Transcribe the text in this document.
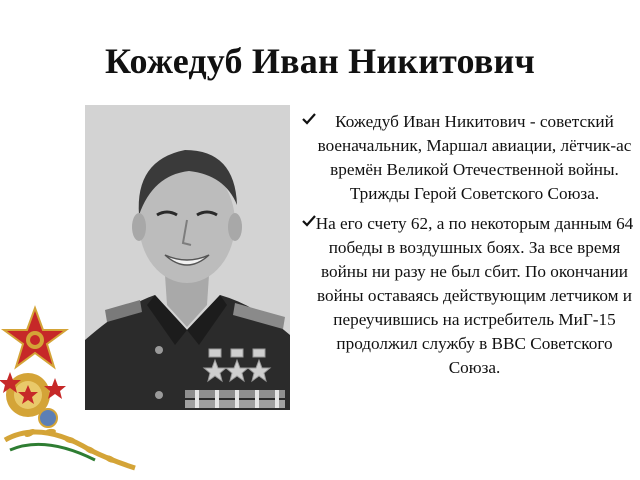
Кожедуб Иван Никитович
Кожедуб Иван Никитович - советский военачальник, Маршал авиации, лётчик-ас времён Великой Отечественной войны. Трижды Герой Советского Союза.
На его счету 62, а по некоторым данным 64 победы в воздушных боях. За все время войны ни разу не был сбит. По окончании войны оставаясь действующим летчиком и переучившись на истребитель МиГ-15 продолжил службу в ВВС Советского Союза.
